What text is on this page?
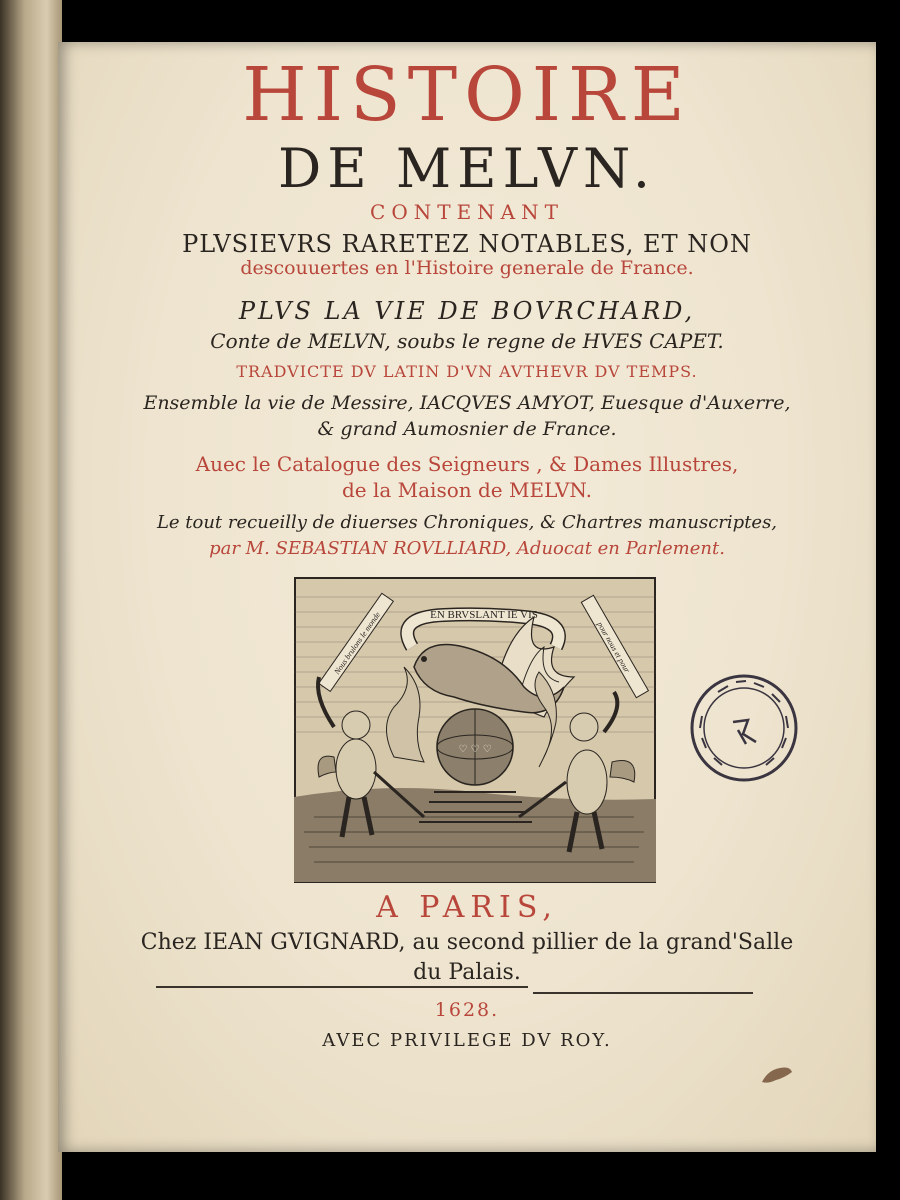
HISTOIRE
DE MELVN.
CONTENANT
PLVSIEVRS RARETEZ NOTABLES, ET NON
descouuertes en l'Histoire generale de France.
PLVS LA VIE DE BOVRCHARD,
Conte de MELVN, soubs le regne de HVES CAPET.
TRADVICTE DV LATIN D'VN AVTHEVR DV TEMPS.
Ensemble la vie de Messire, IACQVES AMYOT, Euesque d'Auxerre,
& grand Aumosnier de France.
Auec le Catalogue des Seigneurs , & Dames Illustres,
de la Maison de MELVN.
Le tout recueilly de diuerses Chroniques, & Chartres manuscriptes,
par M. SEBASTIAN ROVLLIARD, Aduocat en Parlement.
EN BRVSLANT IE VIS
Nous brulons le monde	pour nous et pour
♡ ♡ ♡
A PARIS,
Chez IEAN GVIGNARD, au second pillier de la grand'Salle
du Palais.
1628.
AVEC PRIVILEGE DV ROY.
